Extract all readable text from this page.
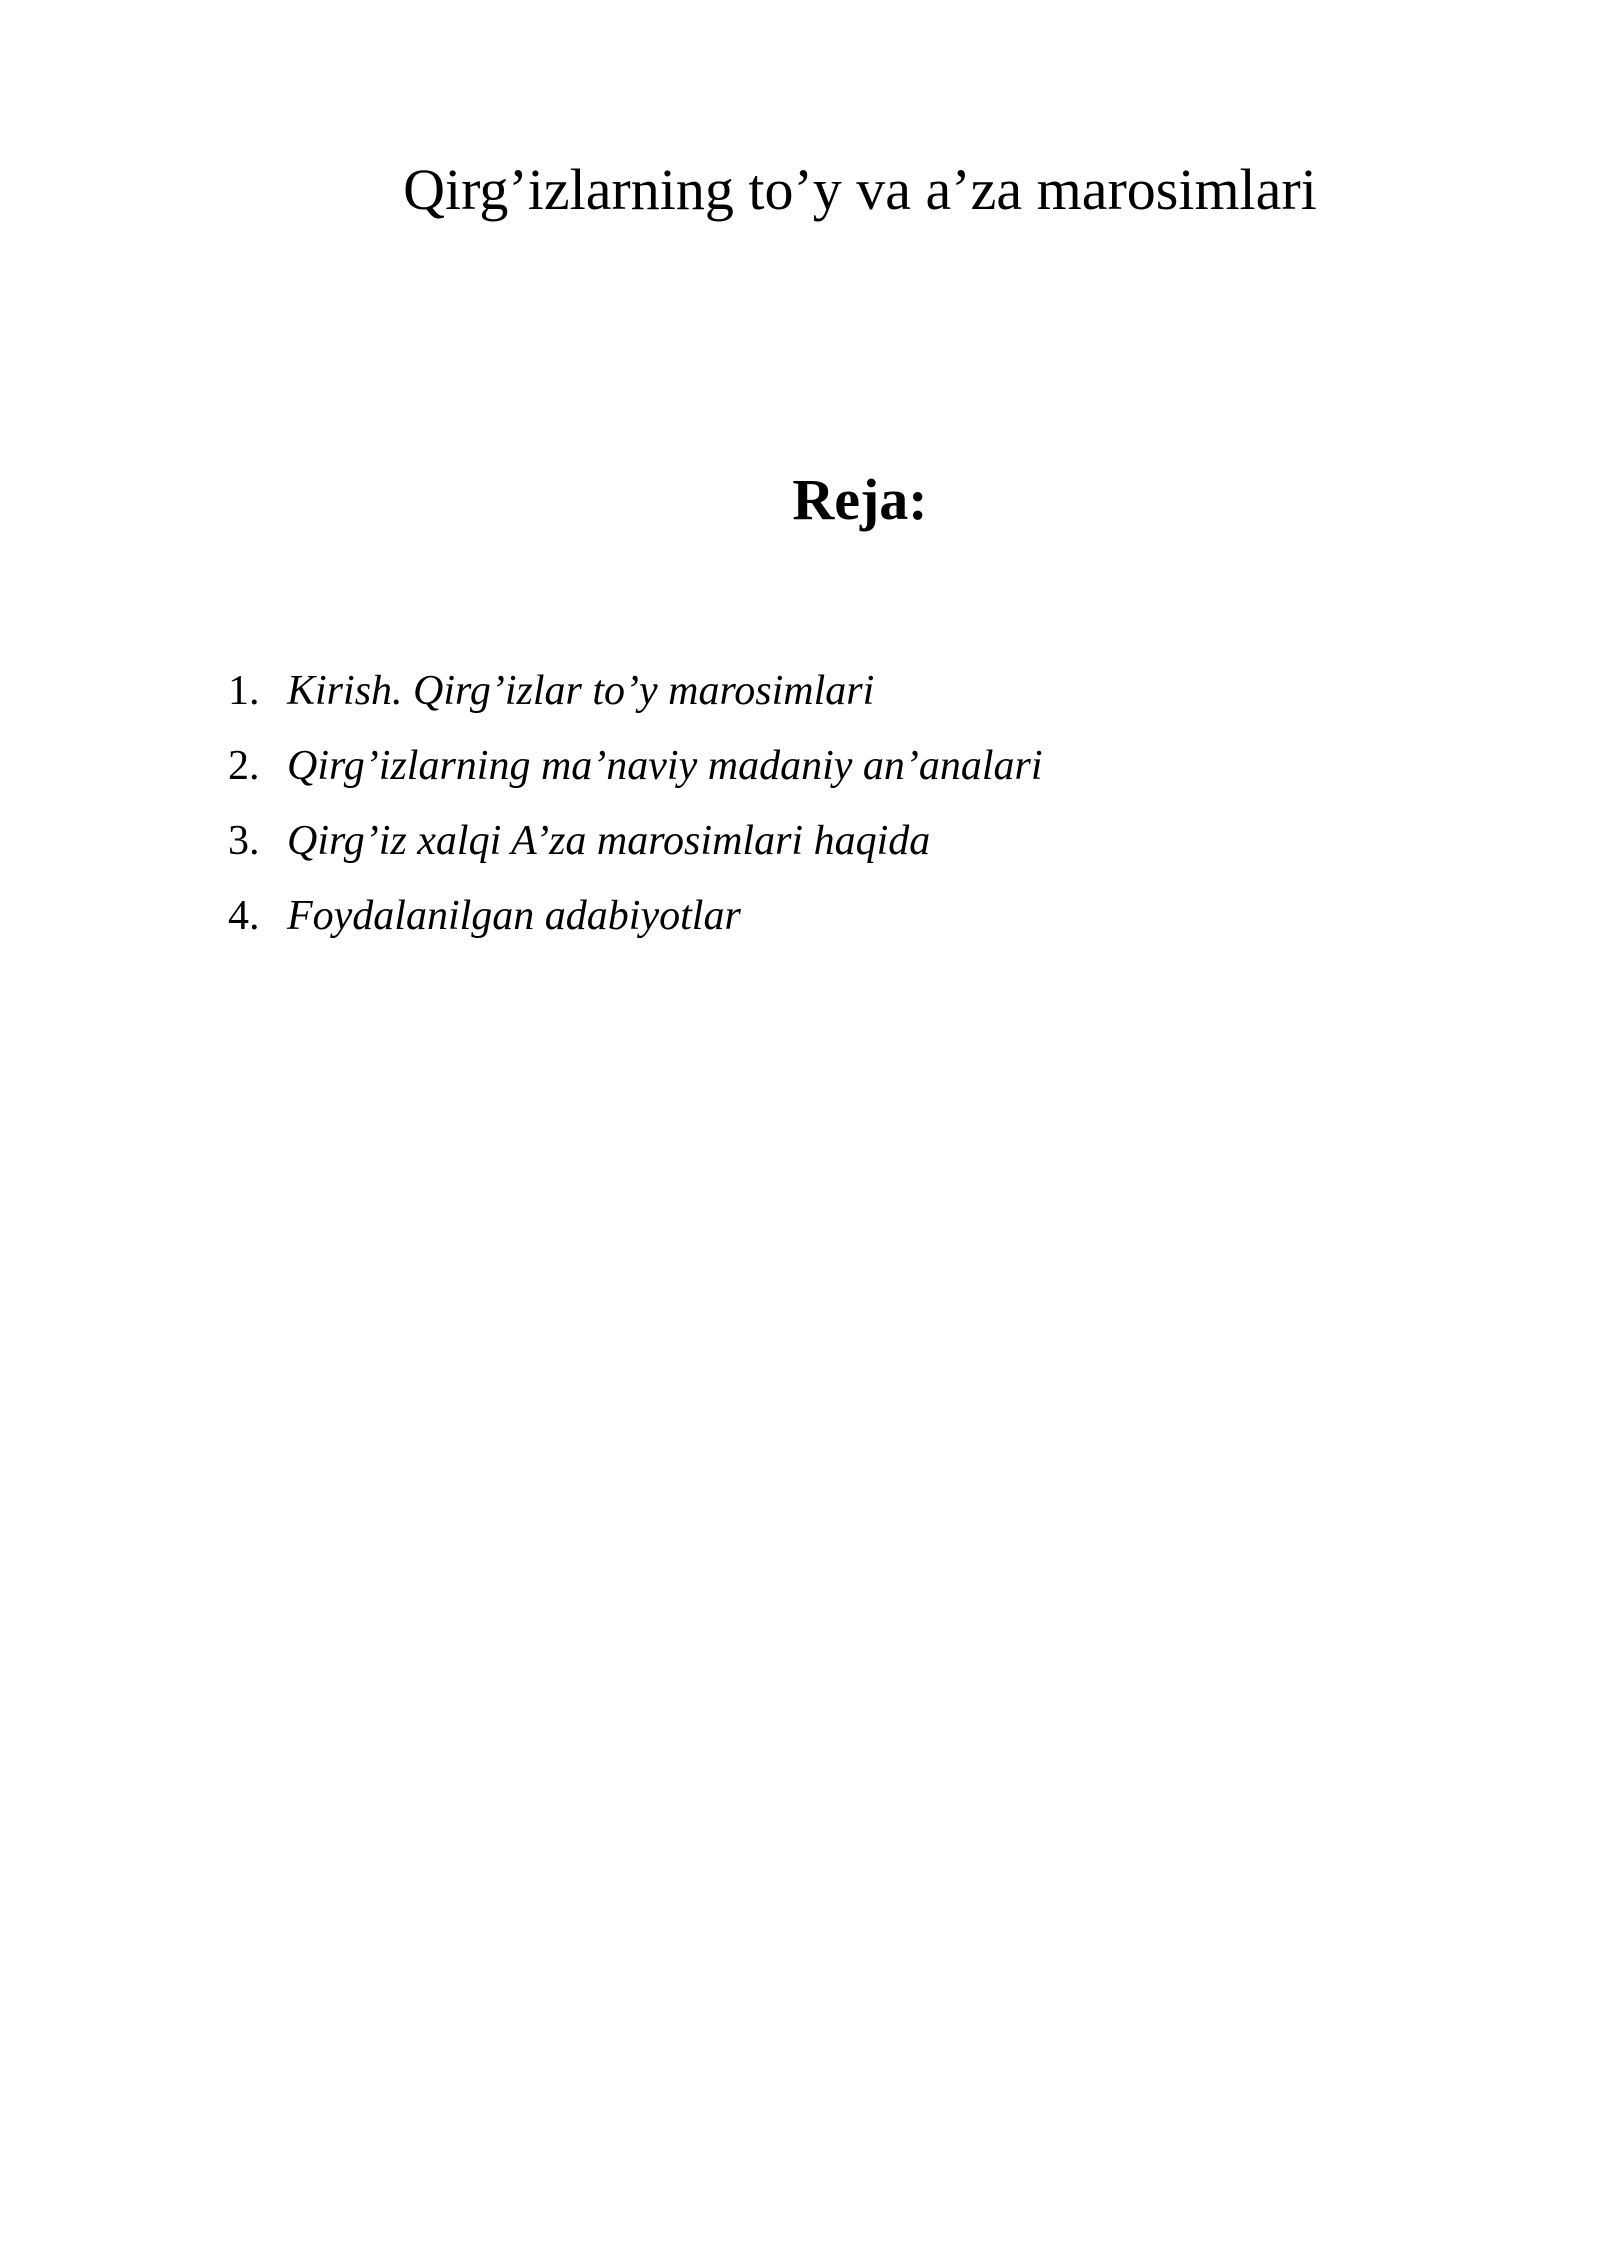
Qirg’izlarning to’y va a’za marosimlari
Reja:
1. Kirish. Qirg’izlar to’y marosimlari
2. Qirg’izlarning ma’naviy madaniy an’analari
3. Qirg’iz xalqi A’za marosimlari haqida
4. Foydalanilgan adabiyotlar
